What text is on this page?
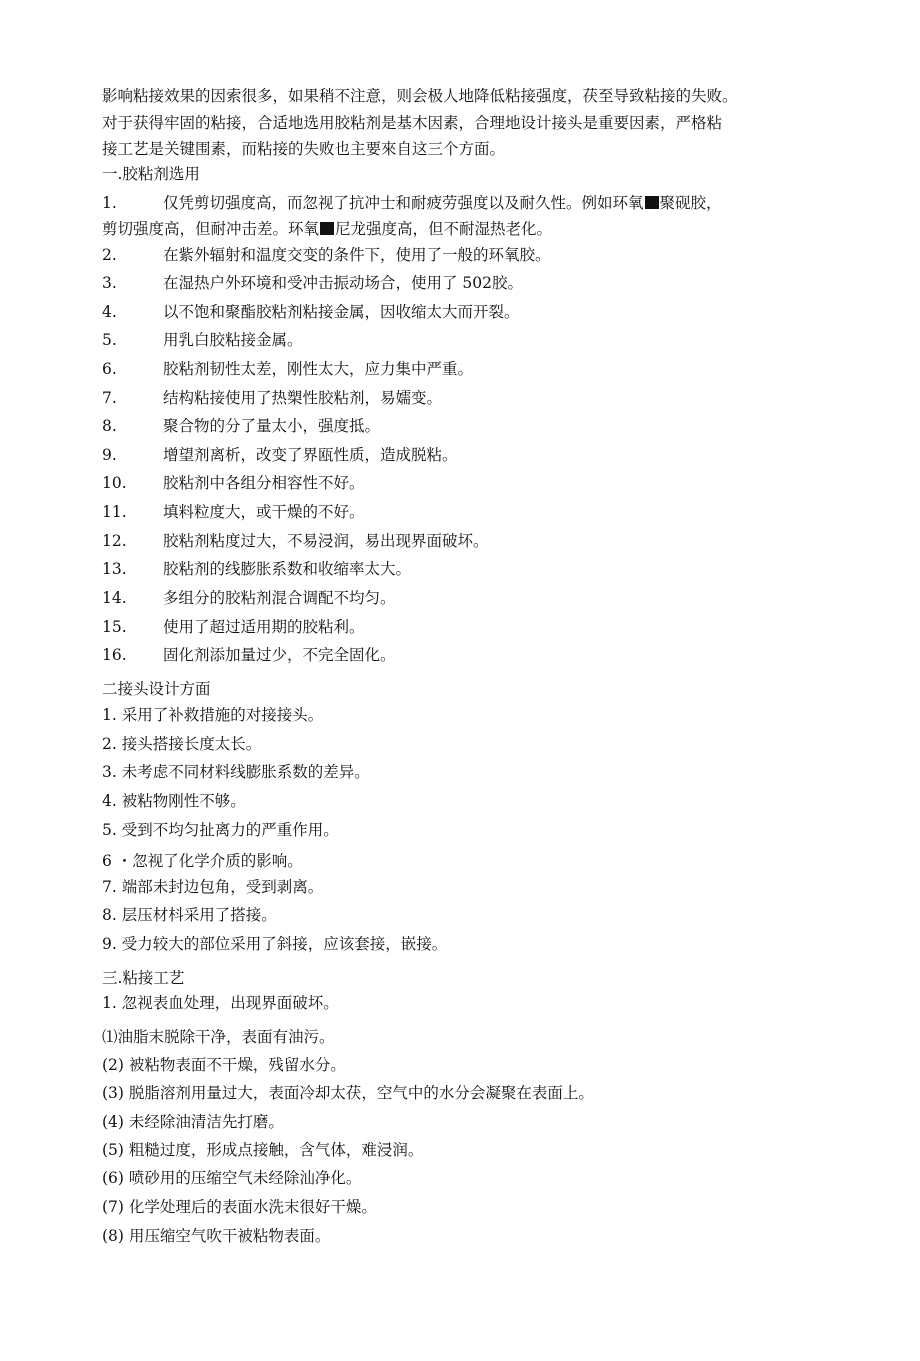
影响粘接效果的因索很多，如果稍不注意，则会极人地降低粘接强度，茯至导致粘接的失败。
对于获得牢固的粘接，合适地选用胶粘剂是基木因素，合理地设计接头是重要因素，严格粘
接工艺是关键围素，而粘接的失败也主要來自这三个方面。
一.胶粘剂选用
1.	仅凭剪切强度高，而忽视了抗冲士和耐疲劳强度以及耐久性。例如环氧 聚砚胶，
剪切强度高，但耐冲击差。环氧 尼龙强度高，但不耐湿热老化。
2.	在紫外辐射和温度交变的条件下，使用了一般的环氧胶。
3.	在湿热户外环境和受冲击振动场合，使用了 502胶。
4.	以不饱和聚酯胶粘剂粘接金属，因收缩太大而开裂。
5.	用乳白胶粘接金属。
6.	胶粘剂韧性太差，刚性太大，应力集中严重。
7.	结构粘接使用了热槊性胶粘剂，易嬬变。
8.	聚合物的分了量太小，强度抵。
9.	增望剂离析，改变了界瓯性质，造成脱粘。
10.	胶粘剂中各组分相容性不好。
11.	填料粒度大，或干燥的不好。
12.	胶粘剂粘度过大，不易浸润，易出现界面破坏。
13.	胶粘剂的线膨胀系数和收缩率太大。
14.	多组分的胶粘剂混合调配不均匀。
15.	使用了超过适用期的胶粘利。
16.	固化剂添加量过少，不完全固化。
二接头设计方面
1. 采用了补救措施的对接接头。
2. 接头搭接长度太长。
3. 未考虑不同材料线膨胀系数的差异。
4. 被粘物刚性不够。
5. 受到不均匀扯离力的严重作用。
6 ・忽视了化学介质的影响。
7. 端部未封边包角，受到剥离。
8. 层压材枓采用了搭接。
9. 受力较大的部位采用了斜接，应该套接，嵌接。
三.粘接工艺
1. 忽视表血处理，出现界面破坏。
⑴油脂末脱除干净，表面有油污。
(2) 被粘物表面不干燥，残留水分。
(3) 脱脂溶剂用量过大，表面冷却太茯，空气中的水分会凝聚在表面上。
(4) 未经除油清洁先打磨。
(5) 粗糙过度，形成点接触，含气体，难浸润。
(6) 喷砂用的压缩空气未经除汕净化。
(7) 化学处理后的表面水洗末很好干燥。
(8) 用压缩空气吹干被粘物表面。
